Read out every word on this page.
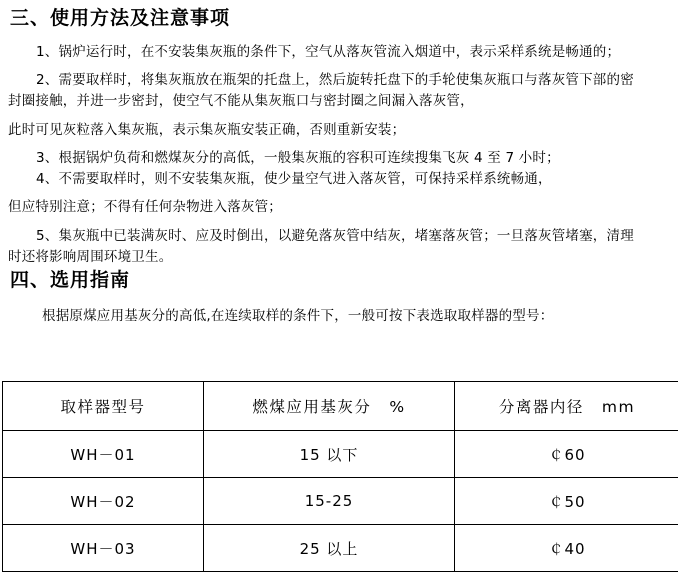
三、使用方法及注意事项
1、锅炉运行时，在不安装集灰瓶的条件下，空气从落灰管流入烟道中，表示采样系统是畅通的；
2、需要取样时，将集灰瓶放在瓶架的托盘上，然后旋转托盘下的手轮使集灰瓶口与落灰管下部的密
封圈接触，并进一步密封，使空气不能从集灰瓶口与密封圈之间漏入落灰管，
此时可见灰粒落入集灰瓶，表示集灰瓶安装正确，否则重新安装；
3、根据锅炉负荷和燃煤灰分的高低，一般集灰瓶的容积可连续搜集飞灰 4 至 7 小时；
4、不需要取样时，则不安装集灰瓶，使少量空气进入落灰管，可保持采样系统畅通，
但应特别注意；不得有任何杂物进入落灰管；
5、集灰瓶中已装满灰时、应及时倒出，以避免落灰管中结灰，堵塞落灰管；一旦落灰管堵塞，清理
时还将影响周围环境卫生。
四、选用指南
根据原煤应用基灰分的高低,在连续取样的条件下，一般可按下表选取取样器的型号：
取样器型号	燃煤应用基灰分 %	分离器内径 mm
WH－01	15 以下	￠60
WH－02	15-25	￠50
WH－03	25 以上	￠40
